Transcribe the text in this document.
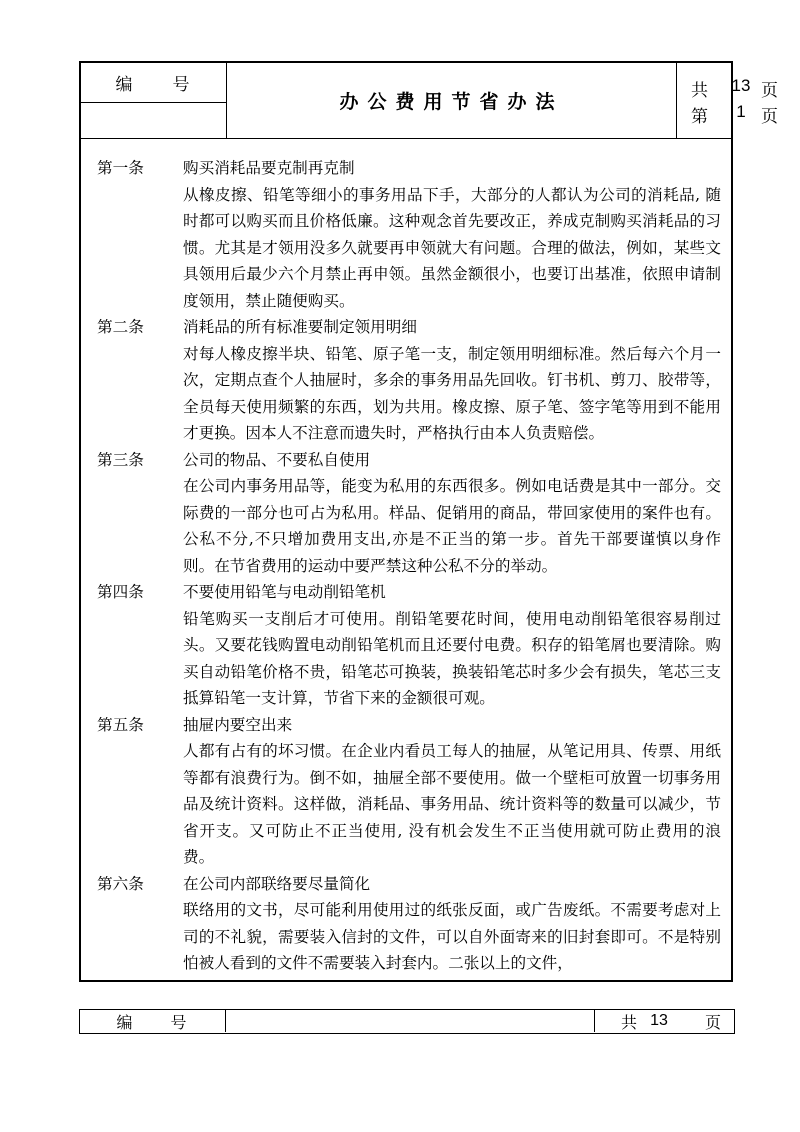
编　　号
办公费用节省办法	共	13 页
第	1 页
第一条	购买消耗品要克制再克制
从橡皮擦、铅笔等细小的事务用品下手，大部分的人都认为公司的消耗品, 随时都可以购买而且价格低廉。这种观念首先要改正，养成克制购买消耗品的习惯。尤其是才领用没多久就要再申领就大有问题。合理的做法，例如，某些文具领用后最少六个月禁止再申领。虽然金额很小，也要订出基准，依照申请制度领用，禁止随便购买。
第二条	消耗品的所有标准要制定领用明细
对每人橡皮擦半块、铅笔、原子笔一支，制定领用明细标准。然后每六个月一次，定期点查个人抽屉时，多余的事务用品先回收。钉书机、剪刀、胶带等，全员每天使用频繁的东西，划为共用。橡皮擦、原子笔、签字笔等用到不能用才更换。因本人不注意而遗失时，严格执行由本人负责赔偿。
第三条	公司的物品、不要私自使用
在公司内事务用品等，能变为私用的东西很多。例如电话费是其中一部分。交际费的一部分也可占为私用。样品、促销用的商品，带回家使用的案件也有。公私不分,不只增加费用支出,亦是不正当的第一步。首先干部要谨慎以身作则。在节省费用的运动中要严禁这种公私不分的举动。
第四条	不要使用铅笔与电动削铅笔机
铅笔购买一支削后才可使用。削铅笔要花时间，使用电动削铅笔很容易削过头。又要花钱购置电动削铅笔机而且还要付电费。积存的铅笔屑也要清除。购买自动铅笔价格不贵，铅笔芯可换装，换装铅笔芯时多少会有损失，笔芯三支抵算铅笔一支计算，节省下来的金额很可观。
第五条	抽屉内要空出来
人都有占有的坏习惯。在企业内看员工每人的抽屉，从笔记用具、传票、用纸等都有浪费行为。倒不如，抽屉全部不要使用。做一个壁柜可放置一切事务用品及统计资料。这样做，消耗品、事务用品、统计资料等的数量可以减少，节省开支。又可防止不正当使用, 没有机会发生不正当使用就可防止费用的浪费。
第六条	在公司内部联络要尽量简化
联络用的文书，尽可能利用使用过的纸张反面，或广告废纸。不需要考虑对上司的不礼貌，需要装入信封的文件，可以自外面寄来的旧封套即可。不是特别怕被人看到的文件不需要装入封套内。二张以上的文件，
编　　号	共 13	页
